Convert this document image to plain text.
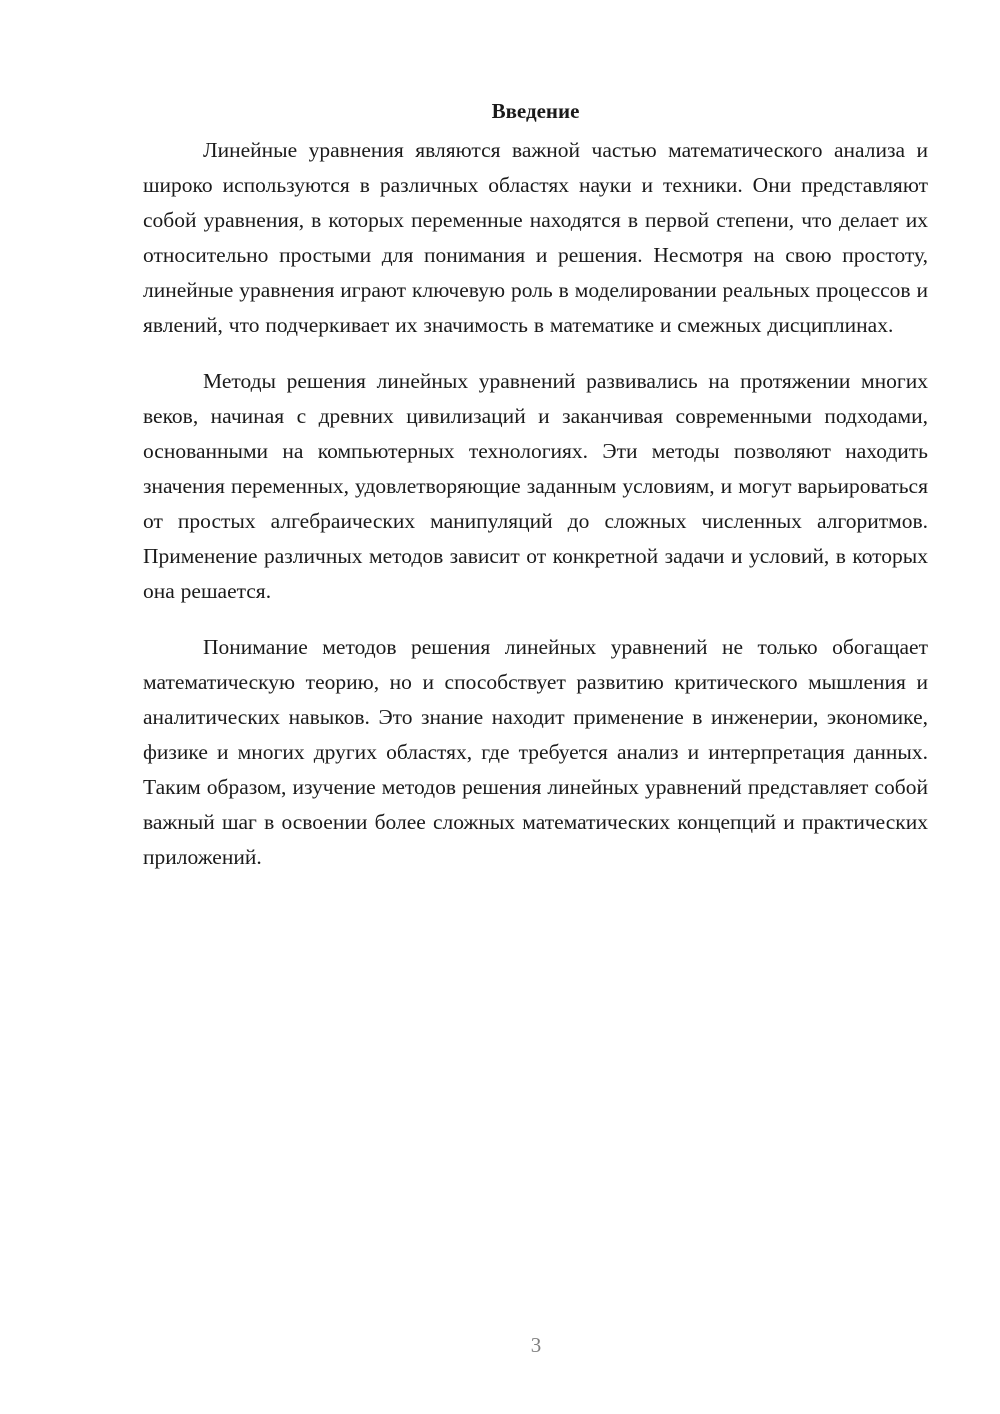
Введение

Линейные уравнения являются важной частью математического анализа и широко используются в различных областях науки и техники. Они представляют собой уравнения, в которых переменные находятся в первой степени, что делает их относительно простыми для понимания и решения. Несмотря на свою простоту, линейные уравнения играют ключевую роль в моделировании реальных процессов и явлений, что подчеркивает их значимость в математике и смежных дисциплинах.

Методы решения линейных уравнений развивались на протяжении многих веков, начиная с древних цивилизаций и заканчивая современными подходами, основанными на компьютерных технологиях. Эти методы позволяют находить значения переменных, удовлетворяющие заданным условиям, и могут варьироваться от простых алгебраических манипуляций до сложных численных алгоритмов. Применение различных методов зависит от конкретной задачи и условий, в которых она решается.

Понимание методов решения линейных уравнений не только обогащает математическую теорию, но и способствует развитию критического мышления и аналитических навыков. Это знание находит применение в инженерии, экономике, физике и многих других областях, где требуется анализ и интерпретация данных. Таким образом, изучение методов решения линейных уравнений представляет собой важный шаг в освоении более сложных математических концепций и практических приложений.

3
